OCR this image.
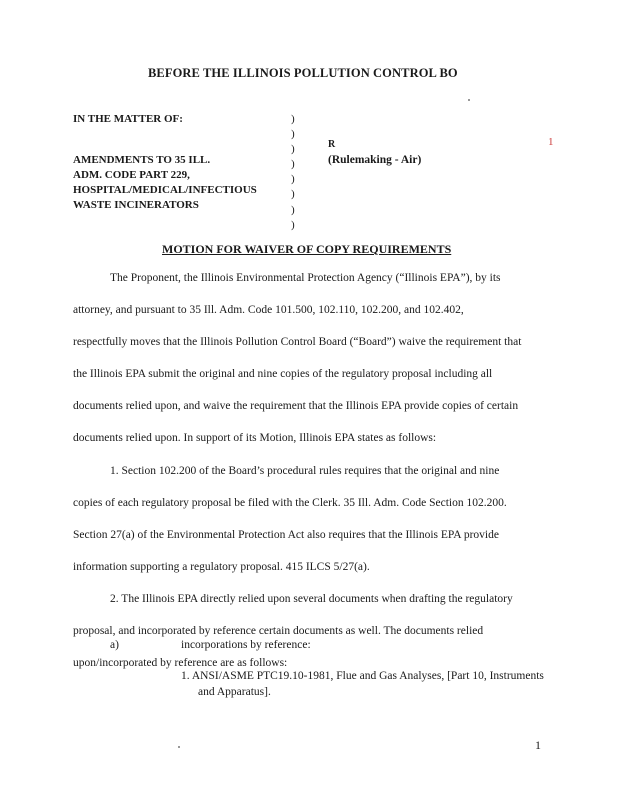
BEFORE THE ILLINOIS POLLUTION CONTROL BO
IN THE MATTER OF:
AMENDMENTS TO 35 ILL.
ADM. CODE PART 229,
HOSPITAL/MEDICAL/INFECTIOUS
WASTE INCINERATORS
)
)
)
)
)
)
)
)
R
(Rulemaking - Air)
1
MOTION FOR WAIVER OF COPY REQUIREMENTS
The Proponent, the Illinois Environmental Protection Agency (“Illinois EPA”), by its
attorney, and pursuant to 35 Ill. Adm. Code 101.500, 102.110, 102.200, and 102.402,
respectfully moves that the Illinois Pollution Control Board (“Board”) waive the requirement that
the Illinois EPA submit the original and nine copies of the regulatory proposal including all
documents relied upon, and waive the requirement that the Illinois EPA provide copies of certain
documents relied upon. In support of its Motion, Illinois EPA states as follows:
1. Section 102.200 of the Board’s procedural rules requires that the original and nine
copies of each regulatory proposal be filed with the Clerk. 35 Ill. Adm. Code Section 102.200.
Section 27(a) of the Environmental Protection Act also requires that the Illinois EPA provide
information supporting a regulatory proposal. 415 ILCS 5/27(a).
2. The Illinois EPA directly relied upon several documents when drafting the regulatory
proposal, and incorporated by reference certain documents as well. The documents relied
upon/incorporated by reference are as follows:
a)	incorporations by reference:
1. ANSI/ASME PTC19.10-1981, Flue and Gas Analyses, [Part 10, Instruments
and Apparatus].
1
